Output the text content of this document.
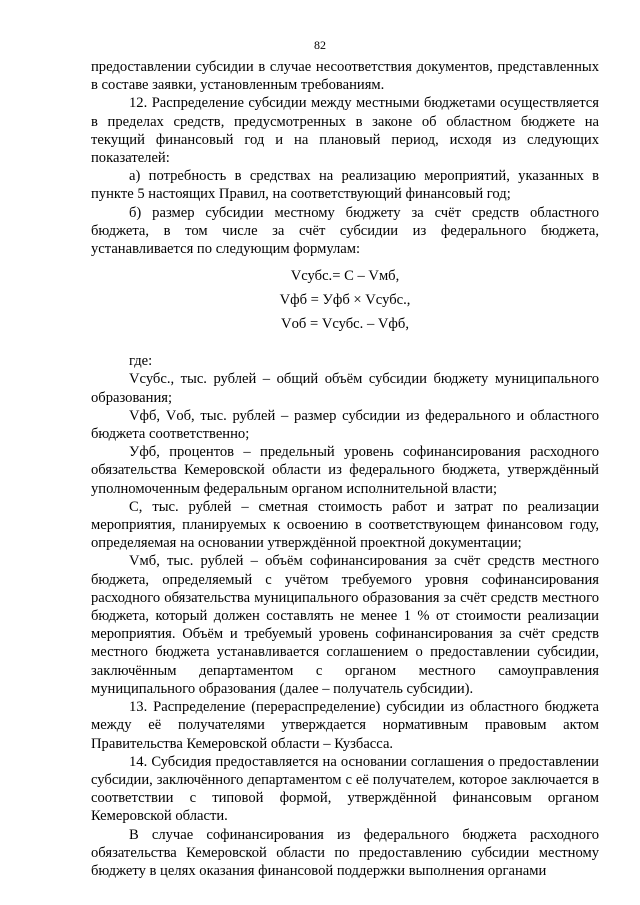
82

предоставлении субсидии в случае несоответствия документов, представленных в составе заявки, установленным требованиям.

12. Распределение субсидии между местными бюджетами осуществляется в пределах средств, предусмотренных в законе об областном бюджете на текущий финансовый год и на плановый период, исходя из следующих показателей:

а) потребность в средствах на реализацию мероприятий, указанных в пункте 5 настоящих Правил, на соответствующий финансовый год;

б) размер субсидии местному бюджету за счёт средств областного бюджета, в том числе за счёт субсидии из федерального бюджета, устанавливается по следующим формулам:

Vсубс.= С – Vмб,
Vфб = Уфб × Vсубс.,
Vоб = Vсубс. – Vфб,

где:

Vсубс., тыс. рублей – общий объём субсидии бюджету муниципального образования;

Vфб, Vоб, тыс. рублей – размер субсидии из федерального и областного бюджета соответственно;

Уфб, процентов – предельный уровень софинансирования расходного обязательства Кемеровской области из федерального бюджета, утверждённый уполномоченным федеральным органом исполнительной власти;

С, тыс. рублей – сметная стоимость работ и затрат по реализации мероприятия, планируемых к освоению в соответствующем финансовом году, определяемая на основании утверждённой проектной документации;

Vмб, тыс. рублей – объём софинансирования за счёт средств местного бюджета, определяемый с учётом требуемого уровня софинансирования расходного обязательства муниципального образования за счёт средств местного бюджета, который должен составлять не менее 1 % от стоимости реализации мероприятия. Объём и требуемый уровень софинансирования за счёт средств местного бюджета устанавливается соглашением о предоставлении субсидии, заключённым департаментом с органом местного самоуправления муниципального образования (далее – получатель субсидии).

13. Распределение (перераспределение) субсидии из областного бюджета между её получателями утверждается нормативным правовым актом Правительства Кемеровской области – Кузбасса.

14. Субсидия предоставляется на основании соглашения о предоставлении субсидии, заключённого департаментом с её получателем, которое заключается в соответствии с типовой формой, утверждённой финансовым органом Кемеровской области.

В случае софинансирования из федерального бюджета расходного обязательства Кемеровской области по предоставлению субсидии местному бюджету в целях оказания финансовой поддержки выполнения органами
